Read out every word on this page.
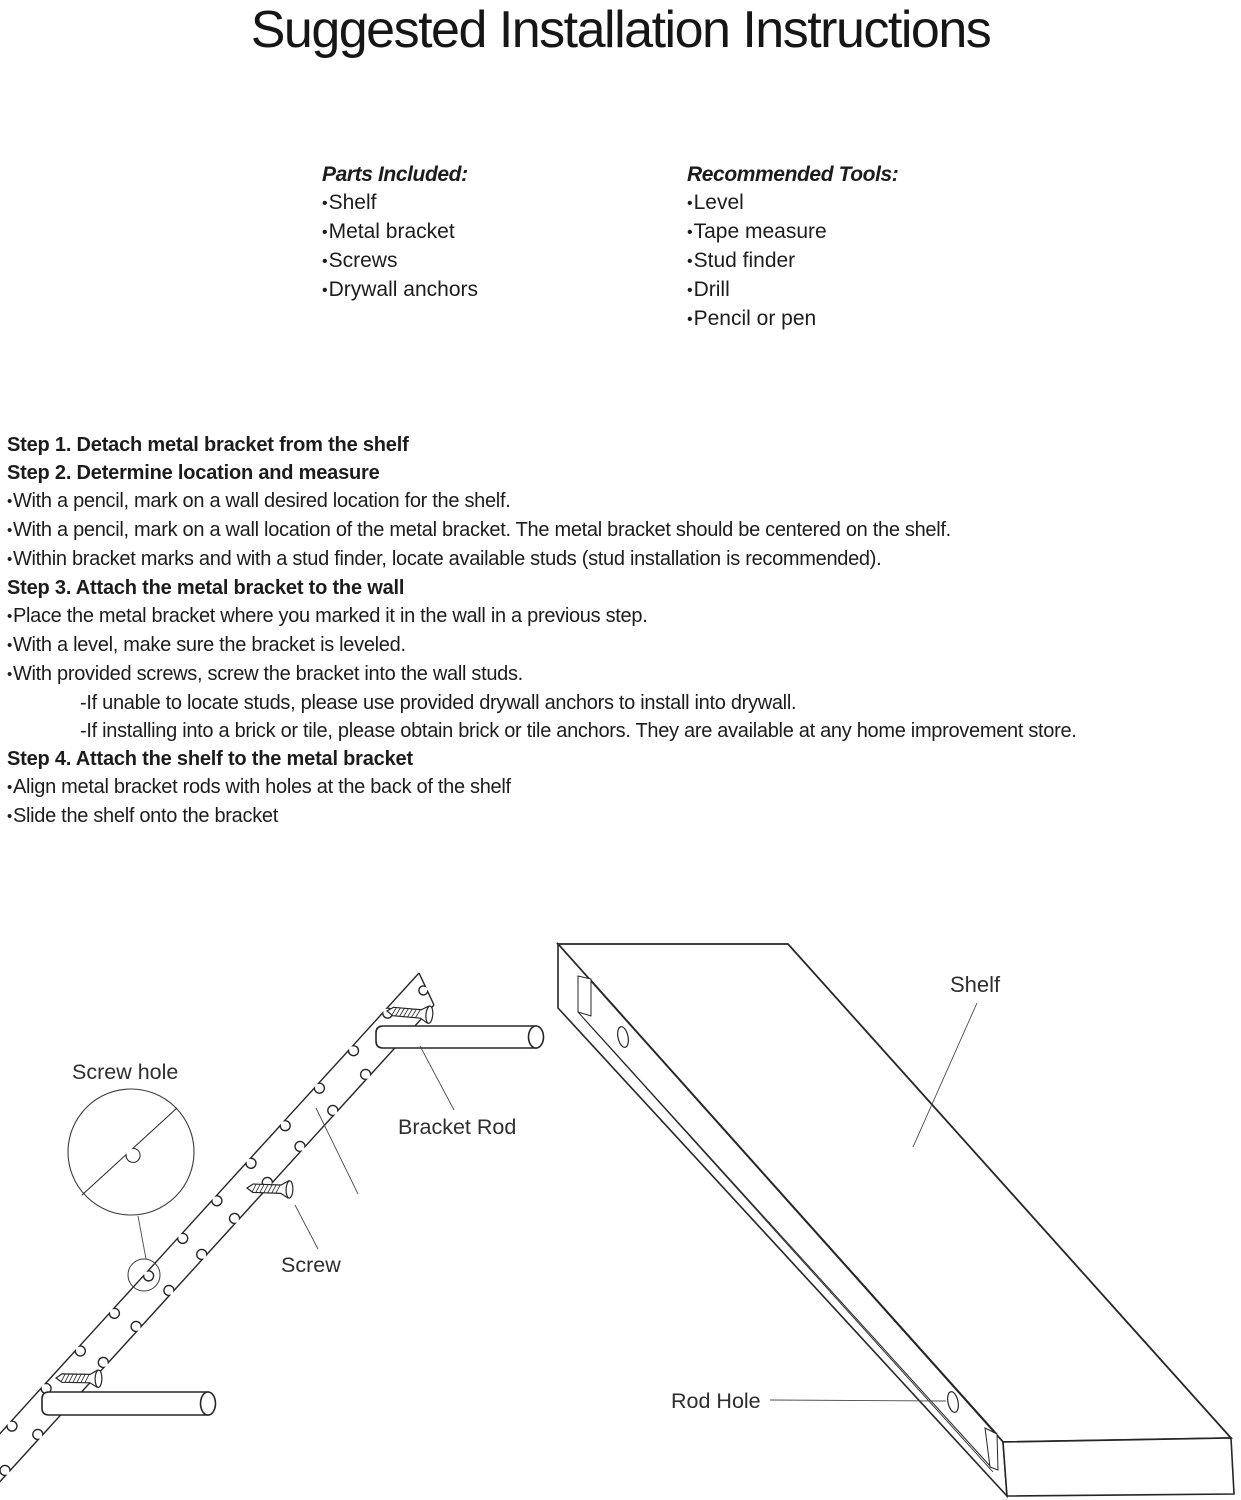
Suggested Installation Instructions
Parts Included:
• Shelf
• Metal bracket
• Screws
• Drywall anchors
Recommended Tools:
• Level
• Tape measure
• Stud finder
• Drill
• Pencil or pen
Step 1. Detach metal bracket from the shelf
Step 2. Determine location and measure
• With a pencil, mark on a wall desired location for the shelf.
• With a pencil, mark on a wall location of the metal bracket. The metal bracket should be centered on the shelf.
• Within bracket marks and with a stud finder, locate available studs (stud installation is recommended).
Step 3. Attach the metal bracket to the wall
• Place the metal bracket where you marked it in the wall in a previous step.
• With a level, make sure the bracket is leveled.
• With provided screws, screw the bracket into the wall studs.
-If unable to locate studs, please use provided drywall anchors to install into drywall.
-If installing into a brick or tile, please obtain brick or tile anchors. They are available at any home improvement store.
Step 4. Attach the shelf to the metal bracket
• Align metal bracket rods with holes at the back of the shelf
• Slide the shelf onto the bracket
Screw hole
Bracket Rod
Screw
Shelf
Rod Hole
